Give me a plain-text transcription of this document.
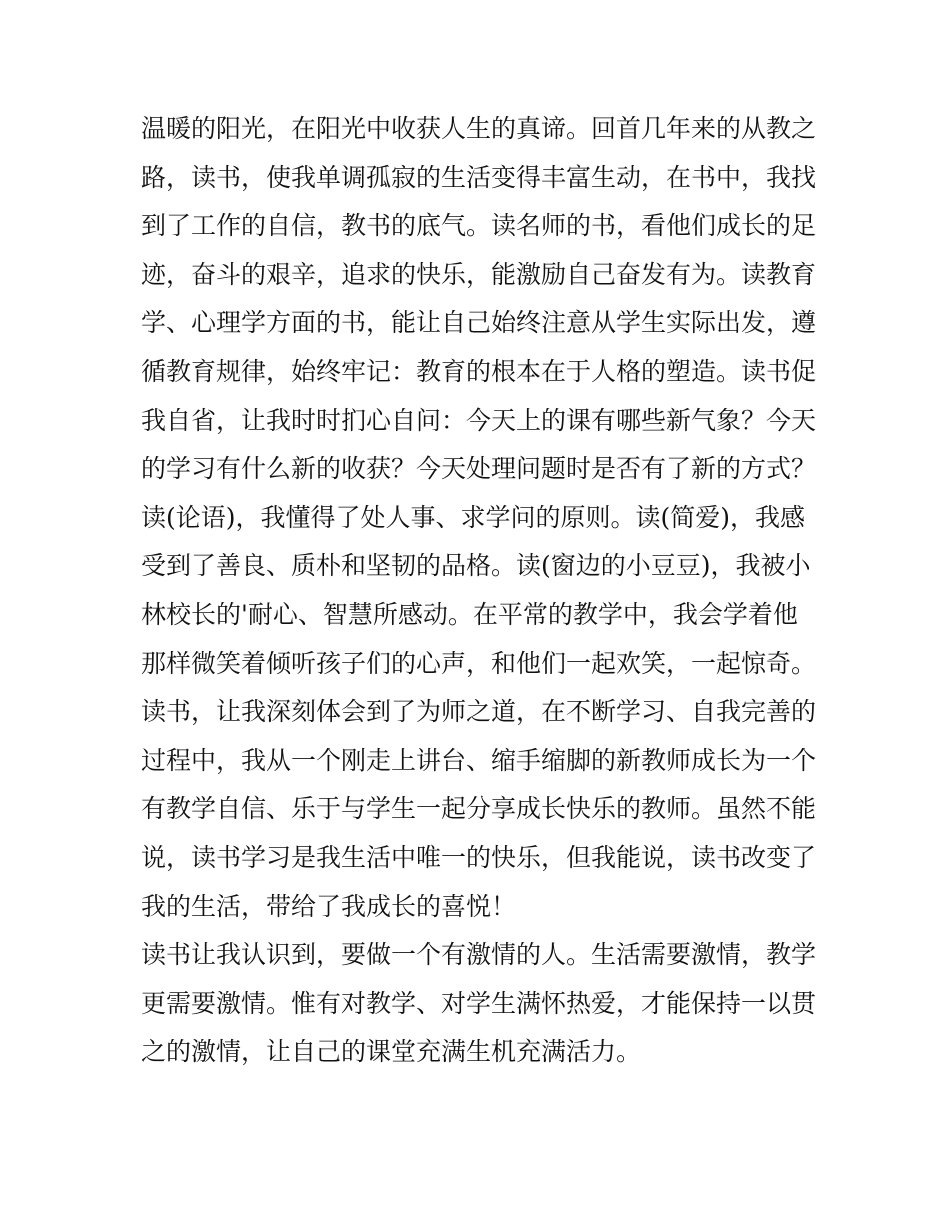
温暖的阳光，在阳光中收获人生的真谛。回首几年来的从教之
路，读书，使我单调孤寂的生活变得丰富生动，在书中，我找
到了工作的自信，教书的底气。读名师的书，看他们成长的足
迹，奋斗的艰辛，追求的快乐，能激励自己奋发有为。读教育
学、心理学方面的书，能让自己始终注意从学生实际出发，遵
循教育规律，始终牢记：教育的根本在于人格的塑造。读书促
我自省，让我时时扪心自问：今天上的课有哪些新气象？今天
的学习有什么新的收获？今天处理问题时是否有了新的方式？
读(论语)，我懂得了处人事、求学问的原则。读(简爱)，我感
受到了善良、质朴和坚韧的品格。读(窗边的小豆豆)，我被小
林校长的'耐心、智慧所感动。在平常的教学中，我会学着他
那样微笑着倾听孩子们的心声，和他们一起欢笑，一起惊奇。
读书，让我深刻体会到了为师之道，在不断学习、自我完善的
过程中，我从一个刚走上讲台、缩手缩脚的新教师成长为一个
有教学自信、乐于与学生一起分享成长快乐的教师。虽然不能
说，读书学习是我生活中唯一的快乐，但我能说，读书改变了
我的生活，带给了我成长的喜悦！
读书让我认识到，要做一个有激情的人。生活需要激情，教学
更需要激情。惟有对教学、对学生满怀热爱，才能保持一以贯
之的激情，让自己的课堂充满生机充满活力。
